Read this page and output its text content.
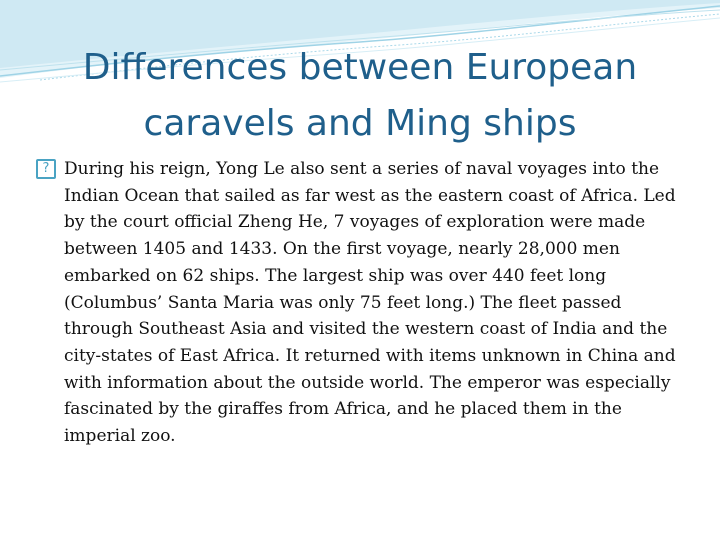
Differences between European caravels and Ming ships
? During his reign, Yong Le also sent a series of naval voyages into the Indian Ocean that sailed as far west as the eastern coast of Africa. Led by the court official Zheng He, 7 voyages of exploration were made between 1405 and 1433. On the first voyage, nearly 28,000 men embarked on 62 ships. The largest ship was over 440 feet long (Columbus’ Santa Maria was only 75 feet long.) The fleet passed through Southeast Asia and visited the western coast of India and the city-states of East Africa. It returned with items unknown in China and with information about the outside world. The emperor was especially fascinated by the giraffes from Africa, and he placed them in the imperial zoo.
